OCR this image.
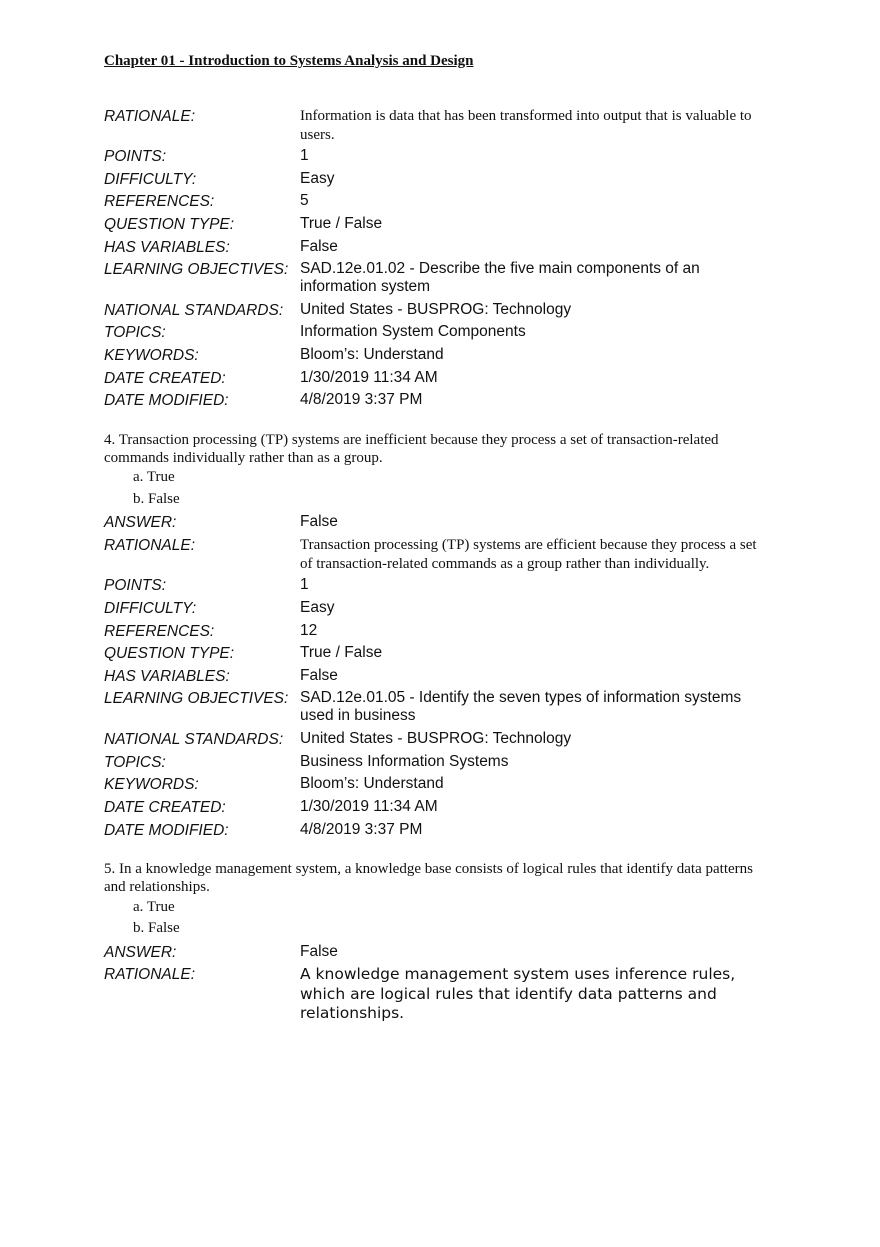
Chapter 01 - Introduction to Systems Analysis and Design
RATIONALE:	Information is data that has been transformed into output that is valuable to users.
POINTS:	1
DIFFICULTY:	Easy
REFERENCES:	5
QUESTION TYPE:	True / False
HAS VARIABLES:	False
LEARNING OBJECTIVES: SAD.12e.01.02 - Describe the five main components of an information system
NATIONAL STANDARDS: United States - BUSPROG: Technology
TOPICS:	Information System Components
KEYWORDS:	Bloom’s: Understand
DATE CREATED:	1/30/2019 11:34 AM
DATE MODIFIED:	4/8/2019 3:37 PM
4. Transaction processing (TP) systems are inefficient because they process a set of transaction-related commands individually rather than as a group.
a. True
b. False
ANSWER:	False
RATIONALE:	Transaction processing (TP) systems are efficient because they process a set of transaction-related commands as a group rather than individually.
POINTS:	1
DIFFICULTY:	Easy
REFERENCES:	12
QUESTION TYPE:	True / False
HAS VARIABLES:	False
LEARNING OBJECTIVES: SAD.12e.01.05 - Identify the seven types of information systems used in business
NATIONAL STANDARDS: United States - BUSPROG: Technology
TOPICS:	Business Information Systems
KEYWORDS:	Bloom’s: Understand
DATE CREATED:	1/30/2019 11:34 AM
DATE MODIFIED:	4/8/2019 3:37 PM
5. In a knowledge management system, a knowledge base consists of logical rules that identify data patterns and relationships.
a. True
b. False
ANSWER:	False
RATIONALE:	A knowledge management system uses inference rules, which are logical rules that identify data patterns and relationships.
